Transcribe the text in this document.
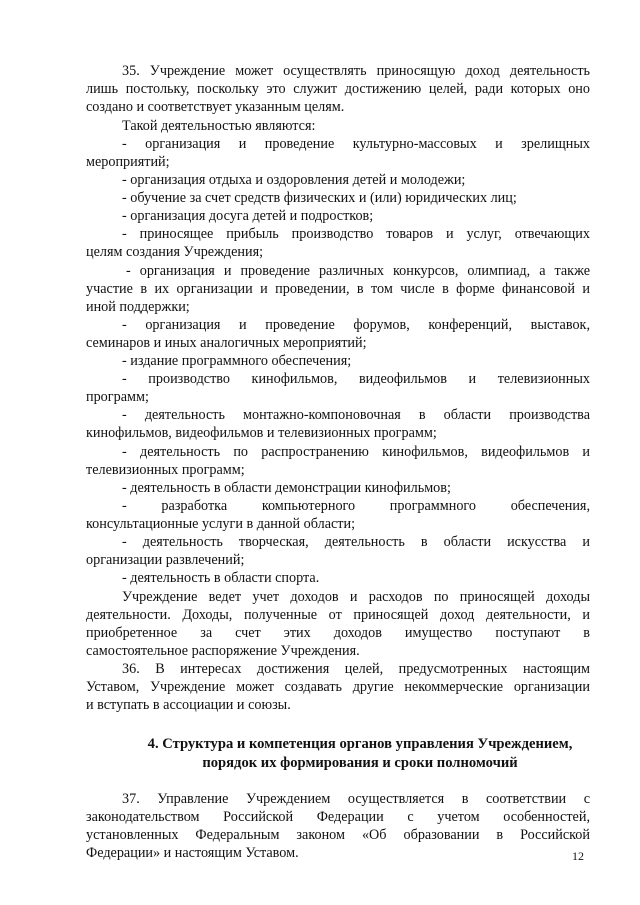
35. Учреждение может осуществлять приносящую доход деятельность
лишь постольку, поскольку это служит достижению целей, ради которых оно
создано и соответствует указанным целям.
Такой деятельностью являются:
- организация и проведение культурно-массовых и зрелищных
мероприятий;
- организация отдыха и оздоровления детей и молодежи;
- обучение за счет средств физических и (или) юридических лиц;
- организация досуга детей и подростков;
- приносящее прибыль производство товаров и услуг, отвечающих
целям создания Учреждения;
- организация и проведение различных конкурсов, олимпиад, а также
участие в их организации и проведении, в том числе в форме финансовой и
иной поддержки;
- организация и проведение форумов, конференций, выставок,
семинаров и иных аналогичных мероприятий;
- издание программного обеспечения;
- производство кинофильмов, видеофильмов и телевизионных
программ;
- деятельность монтажно-компоновочная в области производства
кинофильмов, видеофильмов и телевизионных программ;
- деятельность по распространению кинофильмов, видеофильмов и
телевизионных программ;
- деятельность в области демонстрации кинофильмов;
- разработка компьютерного программного обеспечения,
консультационные услуги в данной области;
- деятельность творческая, деятельность в области искусства и
организации развлечений;
- деятельность в области спорта.
Учреждение ведет учет доходов и расходов по приносящей доходы
деятельности. Доходы, полученные от приносящей доход деятельности, и
приобретенное за счет этих доходов имущество поступают в
самостоятельное распоряжение Учреждения.
36. В интересах достижения целей, предусмотренных настоящим
Уставом, Учреждение может создавать другие некоммерческие организации
и вступать в ассоциации и союзы.
4. Структура и компетенция органов управления Учреждением,
порядок их формирования и сроки полномочий
37. Управление Учреждением осуществляется в соответствии с
законодательством Российской Федерации с учетом особенностей,
установленных Федеральным законом «Об образовании в Российской
Федерации» и настоящим Уставом.	12
